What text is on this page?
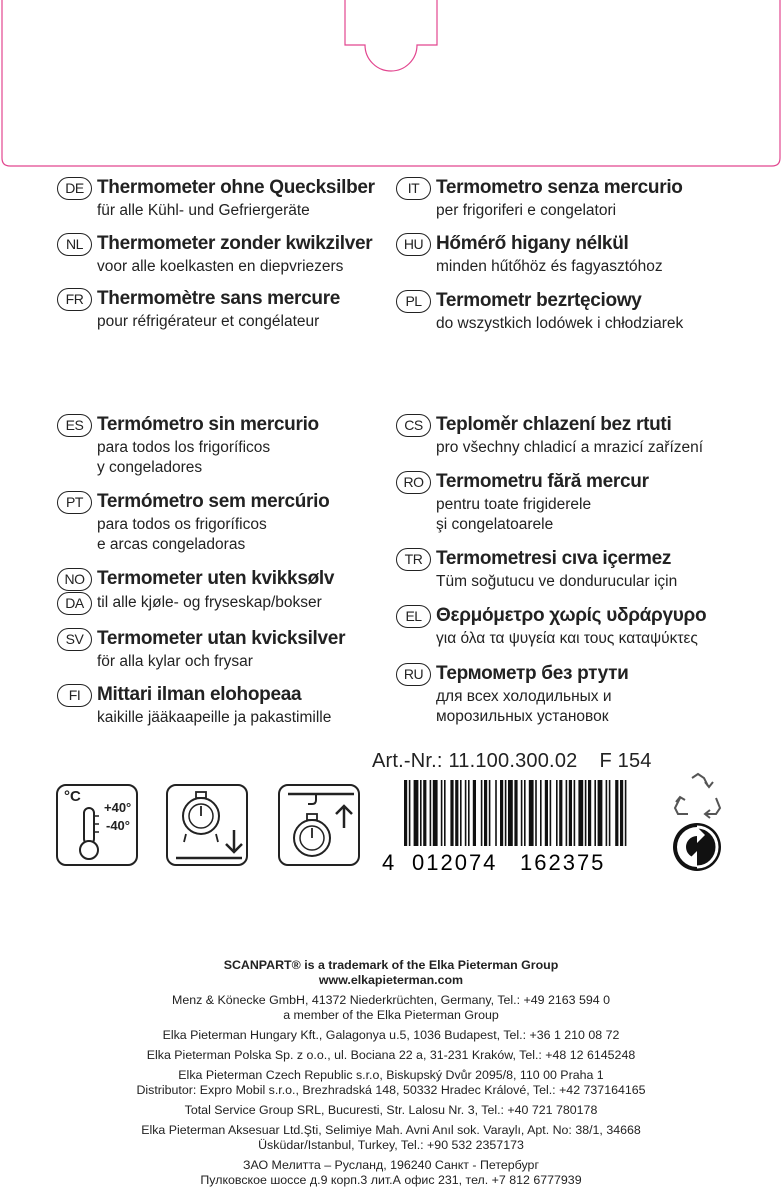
DE Thermometer ohne Quecksilber
für alle Kühl- und Gefriergeräte
NL Thermometer zonder kwikzilver
voor alle koelkasten en diepvriezers
FR Thermomètre sans mercure
pour réfrigérateur et congélateur
ES Termómetro sin mercurio
para todos los frigoríficos
y congeladores
PT Termómetro sem mercúrio
para todos os frigoríficos
e arcas congeladoras
NO Termometer uten kvikksølv
DA til alle kjøle- og fryseskap/bokser
SV Termometer utan kvicksilver
för alla kylar och frysar
FI Mittari ilman elohopeaa
kaikille jääkaapeille ja pakastimille
IT Termometro senza mercurio
per frigoriferi e congelatori
HU Hőmérő higany nélkül
minden hűtőhöz és fagyasztóhoz
PL Termometr bezrtęciowy
do wszystkich lodówek i chłodziarek
CS Teploměr chlazení bez rtuti
pro všechny chladicí a mrazicí zařízení
RO Termometru fără mercur
pentru toate frigiderele
şi congelatoarele
TR Termometresi cıva içermez
Tüm soğutucu ve dondurucular için
EL Θερμόμετρο χωρίς υδράργυρο
για όλα τα ψυγεία και τους καταψύκτες
RU Термометр без ртути
для всех холодильных и
морозильных установок
Art.-Nr.: 11.100.300.02 F 154
°C
+40°
-40°
4 012074 162375
SCANPART® is a trademark of the Elka Pieterman Group
www.elkapieterman.com
Menz & Könecke GmbH, 41372 Niederkrüchten, Germany, Tel.: +49 2163 594 0
a member of the Elka Pieterman Group
Elka Pieterman Hungary Kft., Galagonya u.5, 1036 Budapest, Tel.: +36 1 210 08 72
Elka Pieterman Polska Sp. z o.o., ul. Bociana 22 a, 31-231 Kraków, Tel.: +48 12 6145248
Elka Pieterman Czech Republic s.r.o, Biskupský Dvůr 2095/8, 110 00 Praha 1
Distributor: Expro Mobil s.r.o., Brezhradská 148, 50332 Hradec Králové, Tel.: +42 737164165
Total Service Group SRL, Bucuresti, Str. Lalosu Nr. 3, Tel.: +40 721 780178
Elka Pieterman Aksesuar Ltd.Şti, Selimiye Mah. Avni Anıl sok. Varaylı, Apt. No: 38/1, 34668
Üsküdar/Istanbul, Turkey, Tel.: +90 532 2357173
ЗАО Мелитта – Русланд, 196240 Санкт - Петербург
Пулковское шоссе д.9 корп.3 лит.А офис 231, тел. +7 812 6777939
